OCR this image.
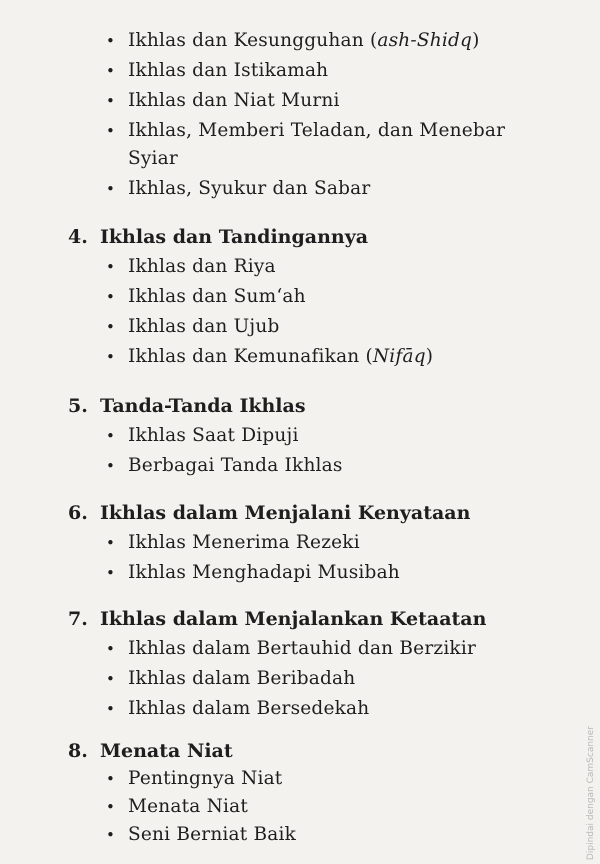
• Ikhlas dan Kesungguhan (ash-Shidq)
• Ikhlas dan Istikamah
• Ikhlas dan Niat Murni
• Ikhlas, Memberi Teladan, dan Menebar
Syiar
• Ikhlas, Syukur dan Sabar
4. Ikhlas dan Tandingannya
• Ikhlas dan Riya
• Ikhlas dan Sum‘ah
• Ikhlas dan Ujub
• Ikhlas dan Kemunafikan (Nifāq)
5. Tanda-Tanda Ikhlas
• Ikhlas Saat Dipuji
• Berbagai Tanda Ikhlas
6. Ikhlas dalam Menjalani Kenyataan
• Ikhlas Menerima Rezeki
• Ikhlas Menghadapi Musibah
7. Ikhlas dalam Menjalankan Ketaatan
• Ikhlas dalam Bertauhid dan Berzikir
• Ikhlas dalam Beribadah
• Ikhlas dalam Bersedekah
8. Menata Niat
• Pentingnya Niat
• Menata Niat
• Seni Berniat Baik	Dipindai dengan CamScanner
